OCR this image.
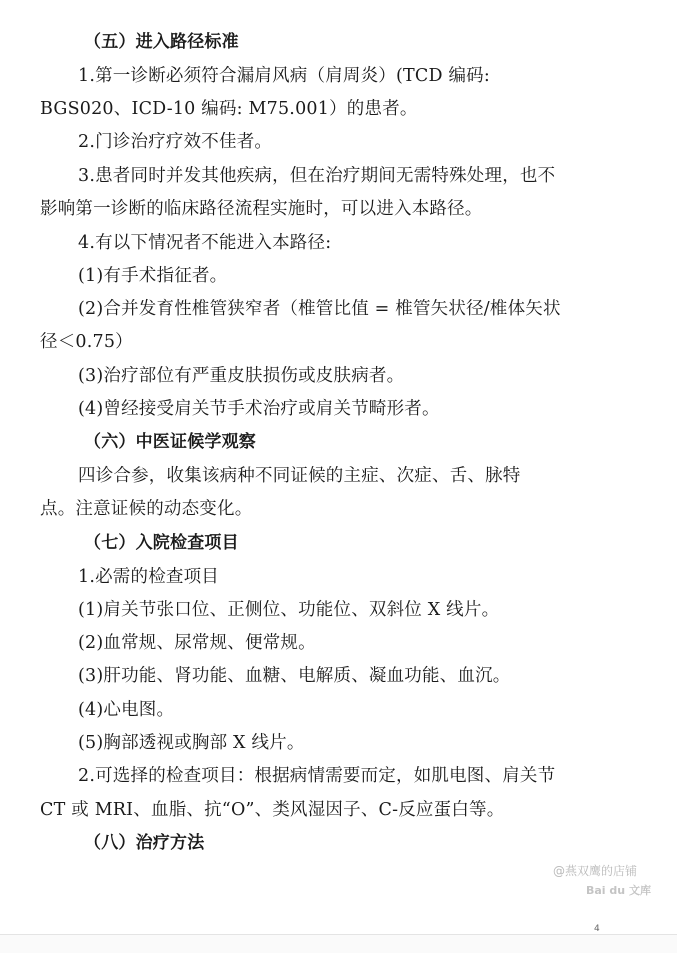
（五）进入路径标准
1.第一诊断必须符合漏肩风病（肩周炎）(TCD 编码:
BGS020、ICD-10 编码: M75.001）的患者。
2.门诊治疗疗效不佳者。
3.患者同时并发其他疾病，但在治疗期间无需特殊处理，也不
影响第一诊断的临床路径流程实施时，可以进入本路径。
4.有以下情况者不能进入本路径:
(1)有手术指征者。
(2)合并发育性椎管狭窄者（椎管比值 = 椎管矢状径/椎体矢状
径＜0.75）
(3)治疗部位有严重皮肤损伤或皮肤病者。
(4)曾经接受肩关节手术治疗或肩关节畸形者。
（六）中医证候学观察
四诊合参，收集该病种不同证候的主症、次症、舌、脉特
点。注意证候的动态变化。
（七）入院检查项目
1.必需的检查项目
(1)肩关节张口位、正侧位、功能位、双斜位 X 线片。
(2)血常规、尿常规、便常规。
(3)肝功能、肾功能、血糖、电解质、凝血功能、血沉。
(4)心电图。
(5)胸部透视或胸部 X 线片。
2.可选择的检查项目：根据病情需要而定，如肌电图、肩关节
CT 或 MRI、血脂、抗“O”、类风湿因子、C-反应蛋白等。
（八）治疗方法
@燕双鹰的店铺
Bai du 文库
4
